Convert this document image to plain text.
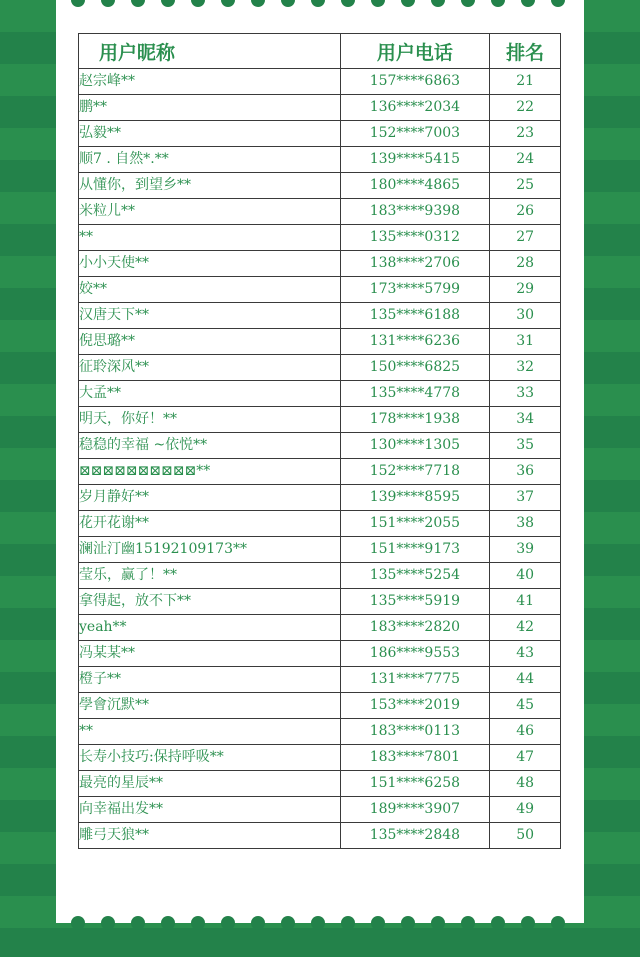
用户昵称	用户电话	排名
赵宗峰**	157****6863	21
鹏**	136****2034	22
弘毅**	152****7003	23
顺7 . 自然*.**	139****5415	24
从懂你，到望乡**	180****4865	25
米粒儿**	183****9398	26
**	135****0312	27
小小天使**	138****2706	28
姣**	173****5799	29
汉唐天下**	135****6188	30
倪思璐**	131****6236	31
征聆深风**	150****6825	32
大孟**	135****4778	33
明天，你好！**	178****1938	34
稳稳的幸福 ~依悦**	130****1305	35
⊠⊠⊠⊠⊠⊠⊠⊠⊠⊠**	152****7718	36
岁月静好**	139****8595	37
花开花谢**	151****2055	38
澜沚汀幽15192109173**	151****9173	39
莹乐，赢了！**	135****5254	40
拿得起，放不下**	135****5919	41
yeah**	183****2820	42
冯某某**	186****9553	43
橙子**	131****7775	44
學會沉默**	153****2019	45
**	183****0113	46
长寿小技巧:保持呼吸**	183****7801	47
最亮的星辰**	151****6258	48
向幸福出发**	189****3907	49
雕弓天狼**	135****2848	50
